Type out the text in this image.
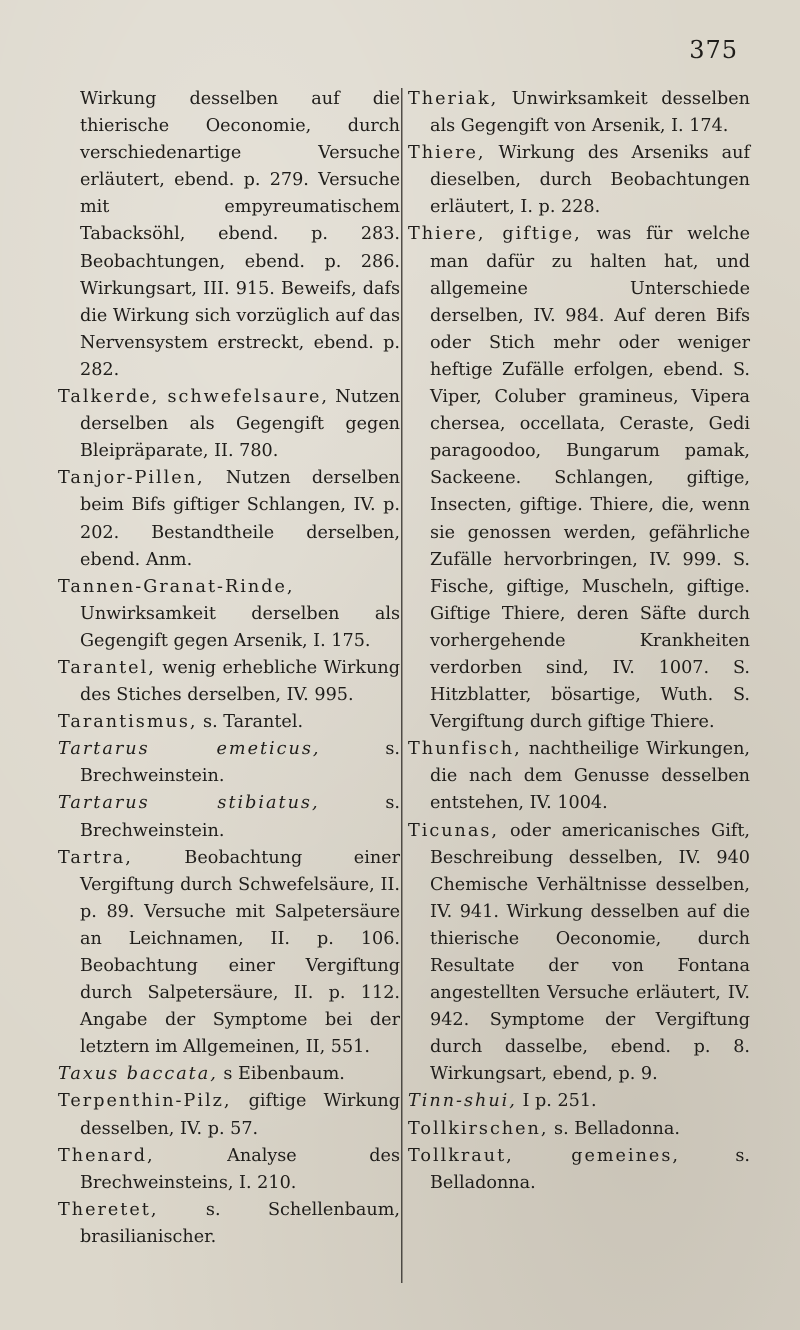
375

Wirkung desselben auf die thierische Oeconomie, durch verschiedenartige Versuche erläutert, ebend. p. 279. Versuche mit empyreumatischem Tabacksöhl, ebend. p. 283. Beobachtungen, ebend. p. 286. Wirkungsart, III. 915. Beweifs, dafs die Wirkung sich vorzüglich auf das Nervensystem erstreckt, ebend. p. 282.

Talkerde, schwefelsaure, Nutzen derselben als Gegengift gegen Bleipräparate, II. 780.

Tanjor-Pillen, Nutzen derselben beim Bifs giftiger Schlangen, IV. p. 202. Bestandtheile derselben, ebend. Anm.

Tannen-Granat-Rinde, Unwirksamkeit derselben als Gegengift gegen Arsenik, I. 175.

Tarantel, wenig erhebliche Wirkung des Stiches derselben, IV. 995.

Tarantismus, s. Tarantel.

Tartarus emeticus, s. Brechweinstein.

Tartarus stibiatus, s. Brechweinstein.

Tartra, Beobachtung einer Vergiftung durch Schwefelsäure, II. p. 89. Versuche mit Salpetersäure an Leichnamen, II. p. 106. Beobachtung einer Vergiftung durch Salpetersäure, II. p. 112. Angabe der Symptome bei der letztern im Allgemeinen, II, 551.

Taxus baccata, s Eibenbaum.

Terpenthin-Pilz, giftige Wirkung desselben, IV. p. 57.

Thenard, Analyse des Brechweinsteins, I. 210.

Theretet, s. Schellenbaum, brasilianischer.

Theriak, Unwirksamkeit desselben als Gegengift von Arsenik, I. 174.

Thiere, Wirkung des Arseniks auf dieselben, durch Beobachtungen erläutert, I. p. 228.

Thiere, giftige, was für welche man dafür zu halten hat, und allgemeine Unterschiede derselben, IV. 984. Auf deren Bifs oder Stich mehr oder weniger heftige Zufälle erfolgen, ebend. S. Viper, Coluber gramineus, Vipera chersea, occellata, Ceraste, Gedi paragoodoo, Bungarum pamak, Sackeene. Schlangen, giftige, Insecten, giftige. Thiere, die, wenn sie genossen werden, gefährliche Zufälle hervorbringen, IV. 999. S. Fische, giftige, Muscheln, giftige. Giftige Thiere, deren Säfte durch vorhergehende Krankheiten verdorben sind, IV. 1007. S. Hitzblatter, bösartige, Wuth. S. Vergiftung durch giftige Thiere.

Thunfisch, nachtheilige Wirkungen, die nach dem Genusse desselben entstehen, IV. 1004.

Ticunas, oder americanisches Gift, Beschreibung desselben, IV. 940 Chemische Verhältnisse desselben, IV. 941. Wirkung desselben auf die thierische Oeconomie, durch Resultate der von Fontana angestellten Versuche erläutert, IV. 942. Symptome der Vergiftung durch dasselbe, ebend. p. 8. Wirkungsart, ebend, p. 9.

Tinn-shui, I p. 251.

Tollkirschen, s. Belladonna.

Tollkraut, gemeines, s. Belladonna.
